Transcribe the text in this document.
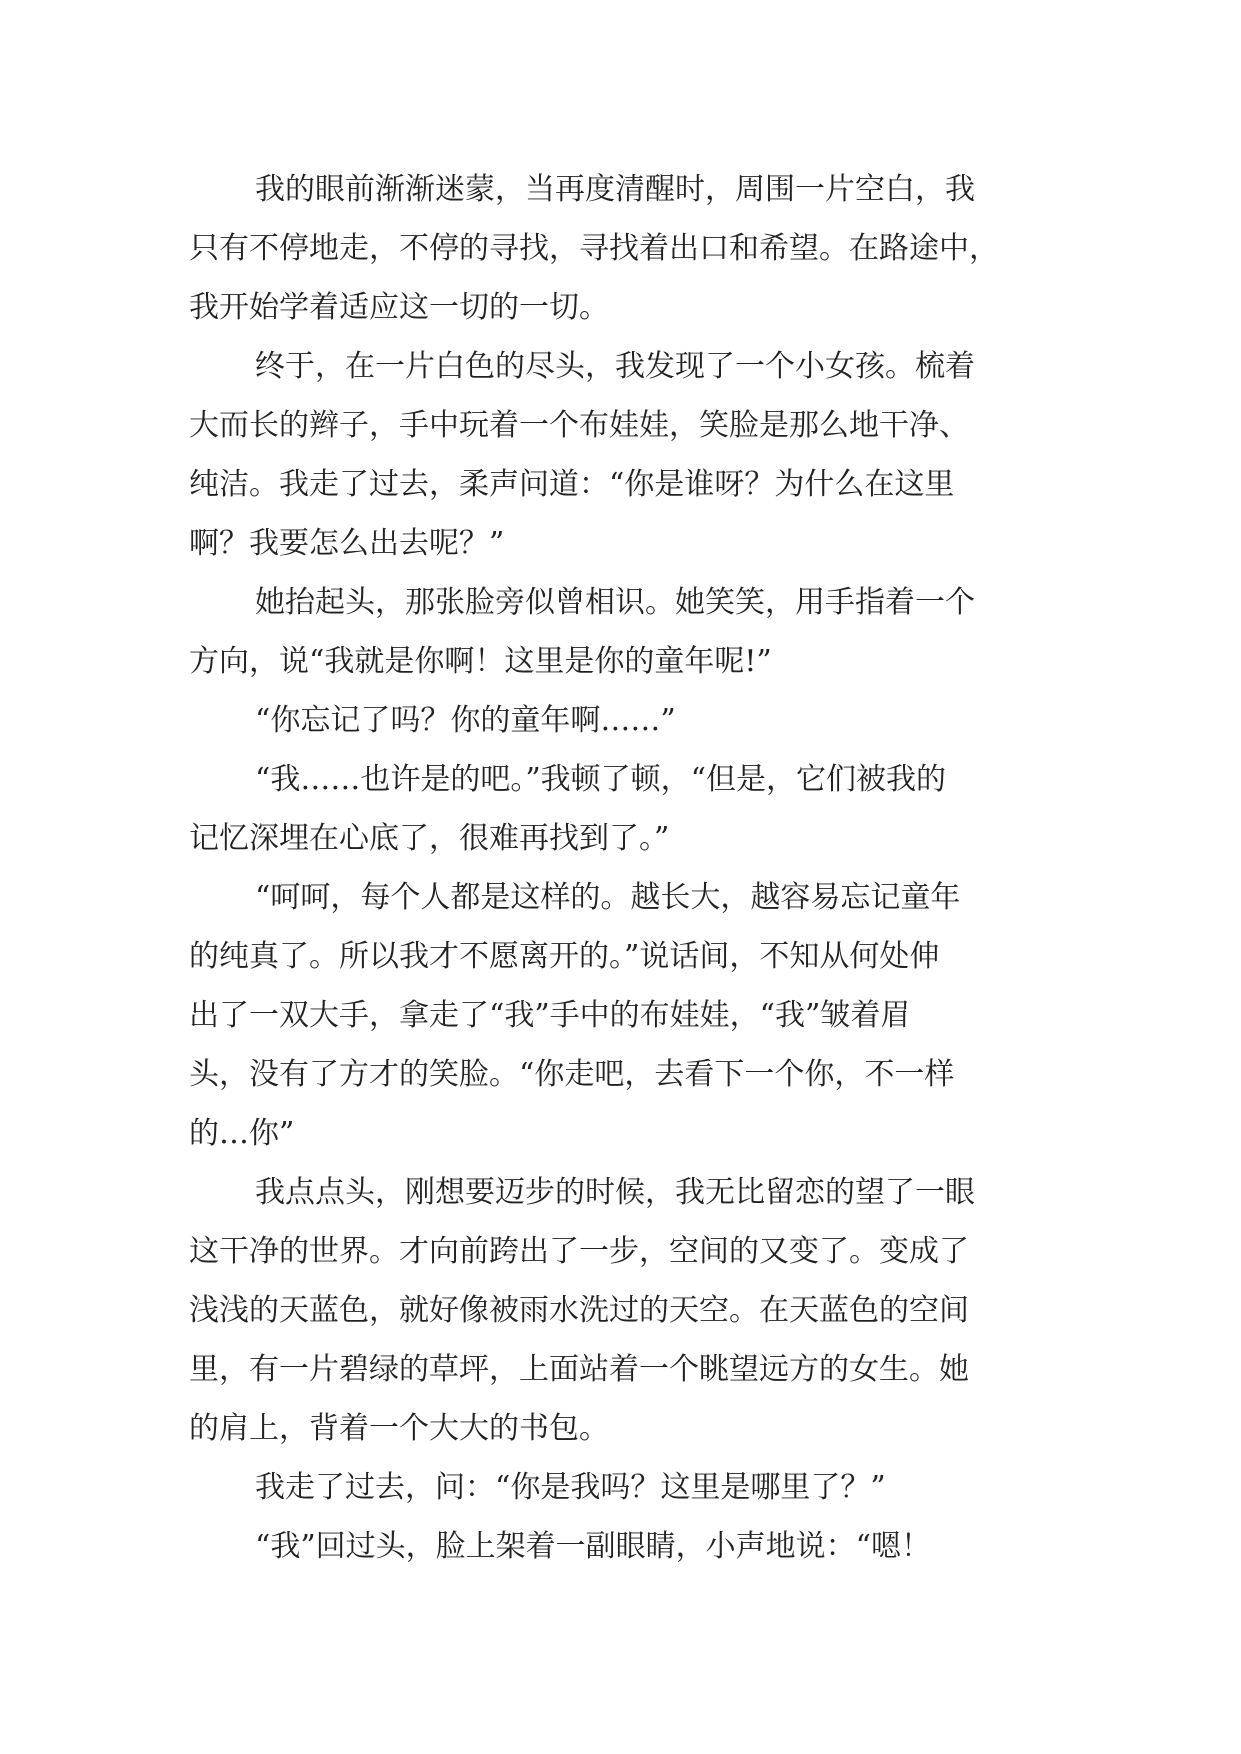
我的眼前渐渐迷蒙，当再度清醒时，周围一片空白，我
只有不停地走，不停的寻找，寻找着出口和希望。在路途中，
我开始学着适应这一切的一切。
终于，在一片白色的尽头，我发现了一个小女孩。梳着
大而长的辫子，手中玩着一个布娃娃，笑脸是那么地干净、
纯洁。我走了过去，柔声问道：“你是谁呀？为什么在这里
啊？我要怎么出去呢？”
她抬起头，那张脸旁似曾相识。她笑笑，用手指着一个
方向，说“我就是你啊！这里是你的童年呢!”
“你忘记了吗？你的童年啊……”
“我……也许是的吧。”我顿了顿，“但是，它们被我的
记忆深埋在心底了，很难再找到了。”
“呵呵，每个人都是这样的。越长大，越容易忘记童年
的纯真了。所以我才不愿离开的。”说话间，不知从何处伸
出了一双大手，拿走了“我”手中的布娃娃，“我”皱着眉
头，没有了方才的笑脸。“你走吧，去看下一个你，不一样
的…你”
我点点头，刚想要迈步的时候，我无比留恋的望了一眼
这干净的世界。才向前跨出了一步，空间的又变了。变成了
浅浅的天蓝色，就好像被雨水洗过的天空。在天蓝色的空间
里，有一片碧绿的草坪，上面站着一个眺望远方的女生。她
的肩上，背着一个大大的书包。
我走了过去，问：“你是我吗？这里是哪里了？”
“我”回过头，脸上架着一副眼睛，小声地说：“嗯！
